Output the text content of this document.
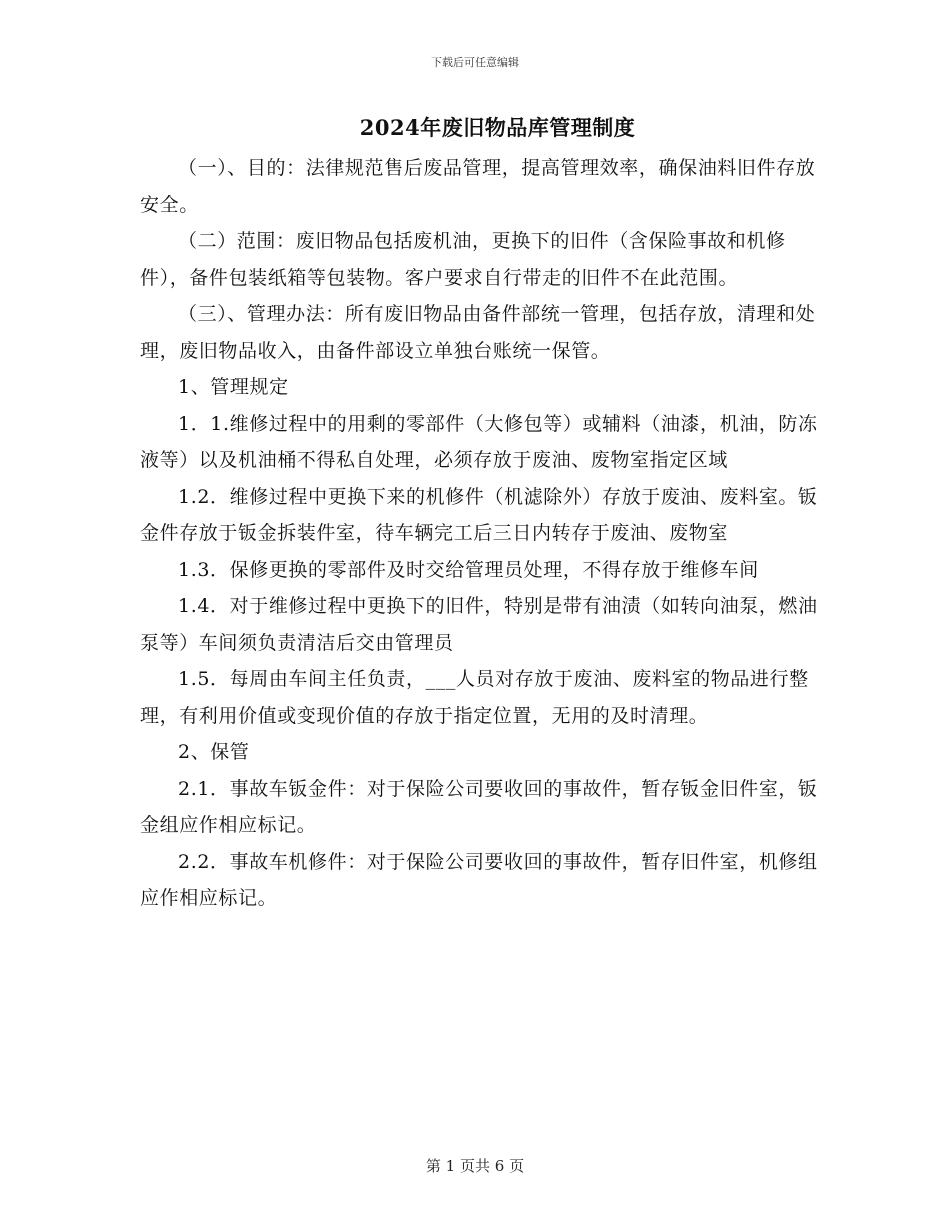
下载后可任意编辑
2024年废旧物品库管理制度

（一）、目的：法律规范售后废品管理，提高管理效率，确保油料旧件存放安全。

（二）范围：废旧物品包括废机油，更换下的旧件（含保险事故和机修件），备件包装纸箱等包装物。客户要求自行带走的旧件不在此范围。

（三）、管理办法：所有废旧物品由备件部统一管理，包括存放，清理和处理，废旧物品收入，由备件部设立单独台账统一保管。

1、管理规定

1．1.维修过程中的用剩的零部件（大修包等）或辅料（油漆，机油，防冻液等）以及机油桶不得私自处理，必须存放于废油、废物室指定区域

1.2．维修过程中更换下来的机修件（机滤除外）存放于废油、废料室。钣金件存放于钣金拆装件室，待车辆完工后三日内转存于废油、废物室

1.3．保修更换的零部件及时交给管理员处理，不得存放于维修车间

1.4．对于维修过程中更换下的旧件，特别是带有油渍（如转向油泵，燃油泵等）车间须负责清洁后交由管理员

1.5．每周由车间主任负责，___人员对存放于废油、废料室的物品进行整理，有利用价值或变现价值的存放于指定位置，无用的及时清理。

2、保管

2.1．事故车钣金件：对于保险公司要收回的事故件，暂存钣金旧件室，钣金组应作相应标记。

2.2．事故车机修件：对于保险公司要收回的事故件，暂存旧件室，机修组应作相应标记。

第 1 页共 6 页
